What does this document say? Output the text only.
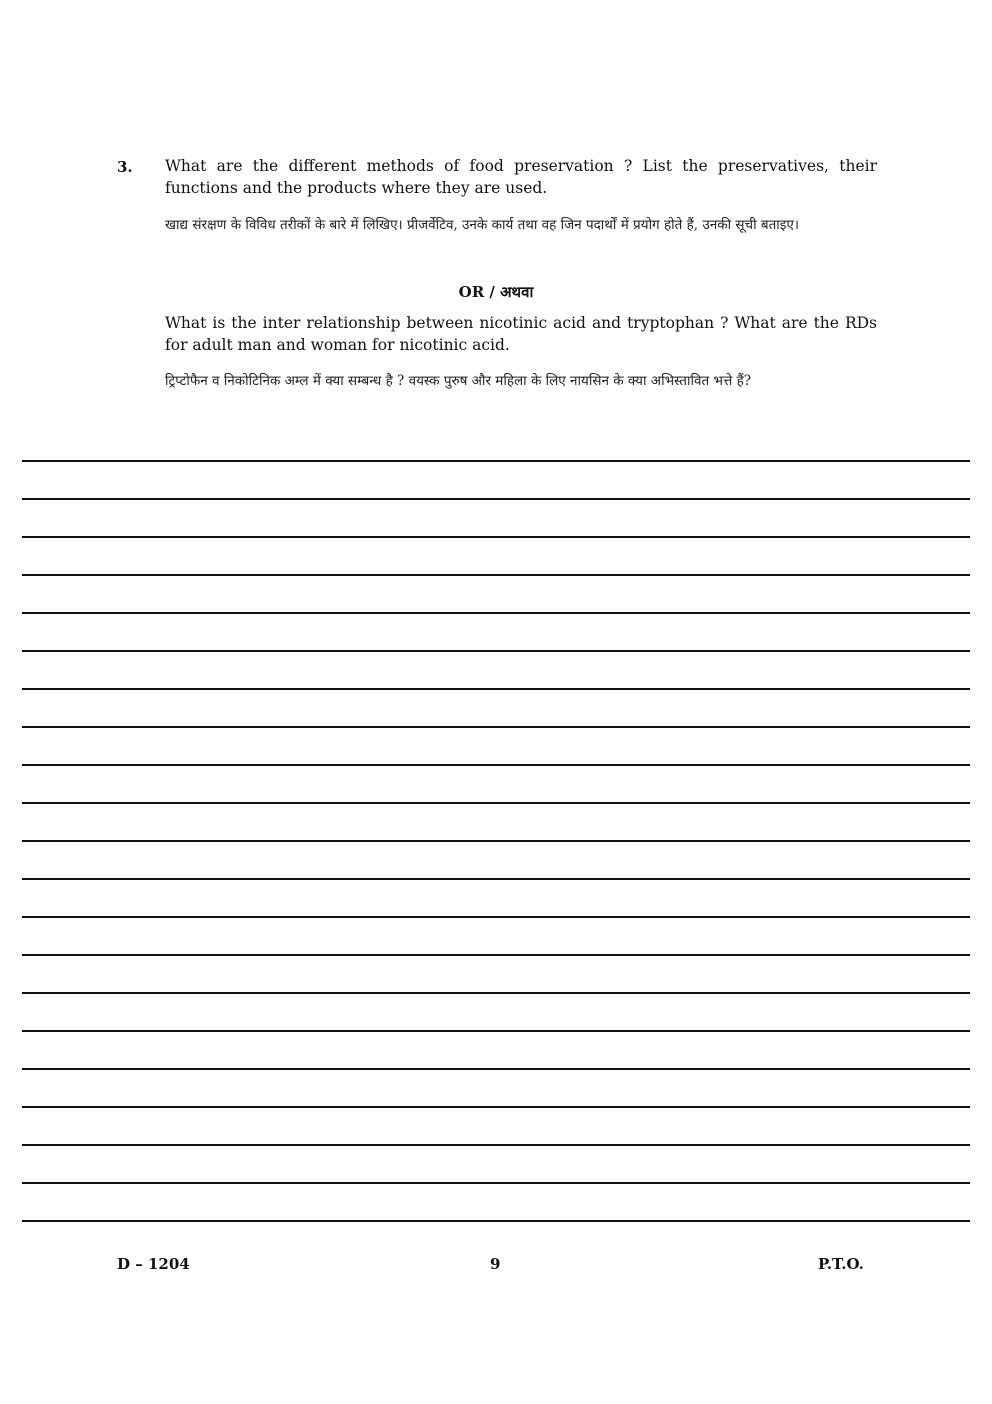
3. What are the different methods of food preservation ? List the preservatives, their functions and the products where they are used.
खाद्य संरक्षण के विविध तरीकों के बारे में लिखिए। प्रीजर्वेटिव, उनके कार्य तथा वह जिन पदार्थों में प्रयोग होते हैं, उनकी सूची बताइए।
OR / अथवा
What is the inter relationship between nicotinic acid and tryptophan ? What are the RDs for adult man and woman for nicotinic acid.
ट्रिप्टोफैन व निकोटिनिक अम्ल में क्या सम्बन्ध है ? वयस्क पुरुष और महिला के लिए नायसिन के क्या अभिस्तावित भत्ते हैं?
D – 1204	9	P.T.O.
